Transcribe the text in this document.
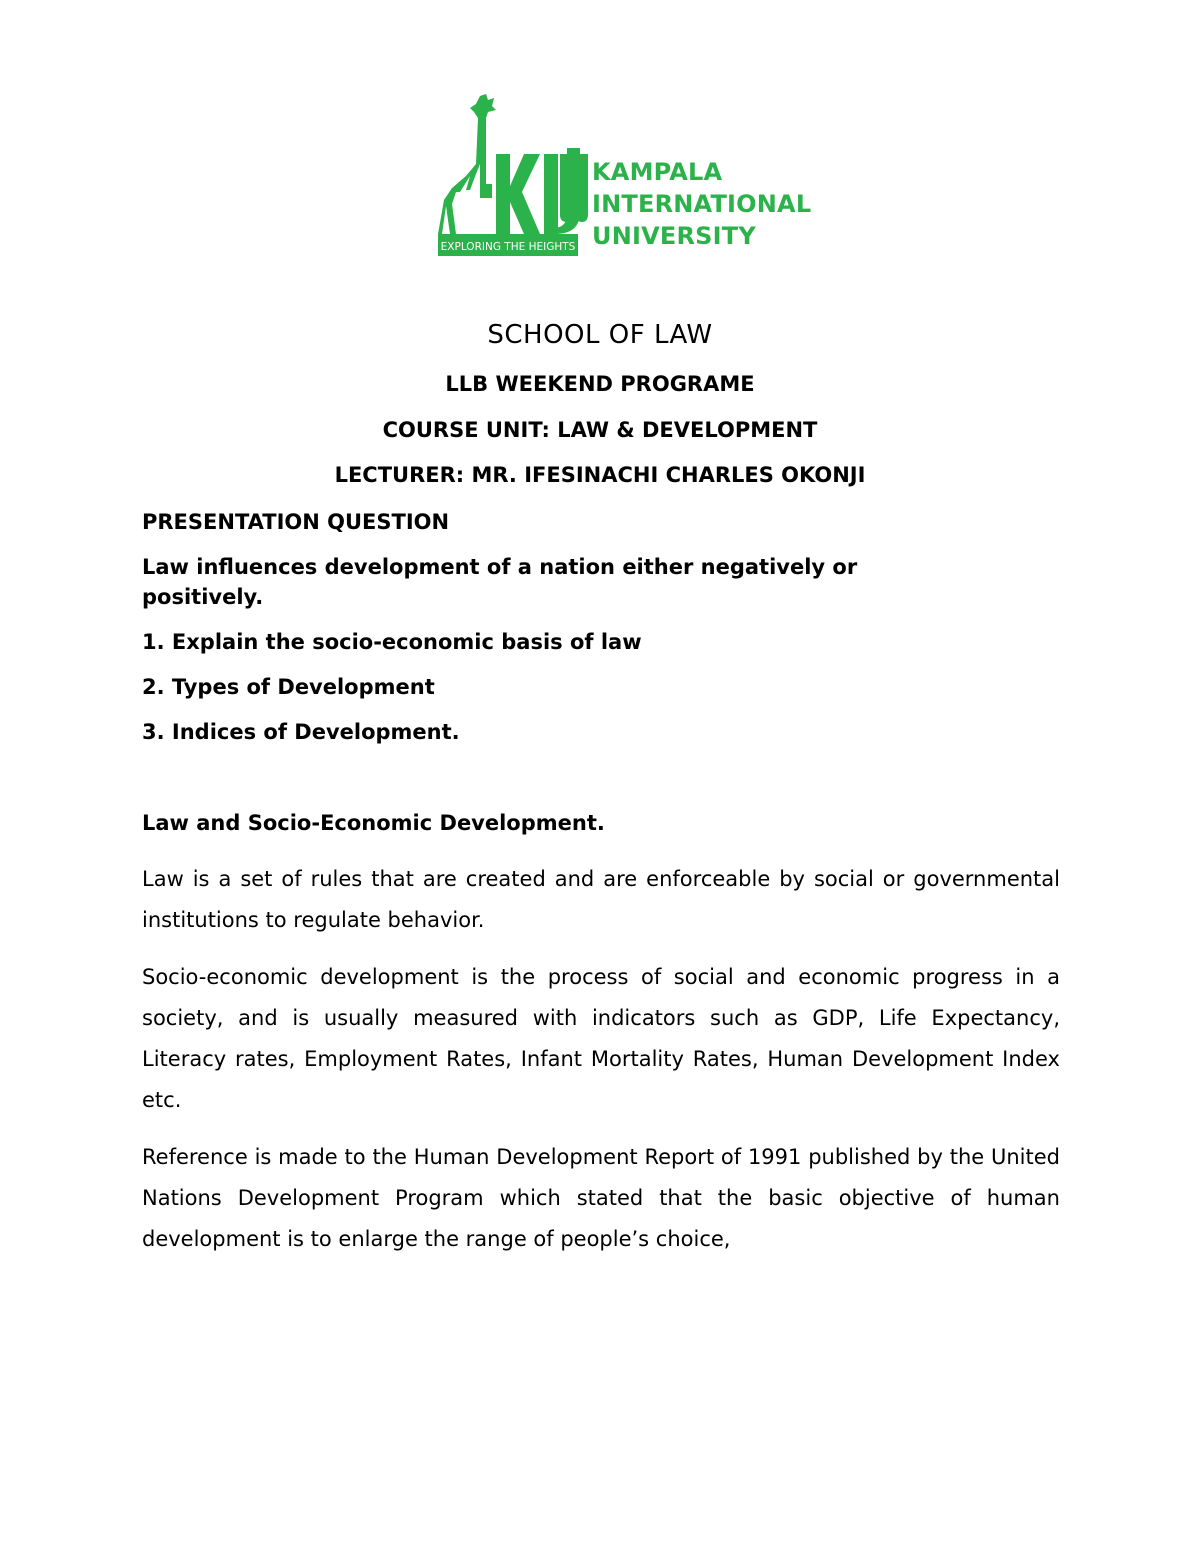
EXPLORING THE HEIGHTS
KAMPALA
INTERNATIONAL
UNIVERSITY
SCHOOL OF LAW
LLB WEEKEND PROGRAME
COURSE UNIT: LAW & DEVELOPMENT
LECTURER: MR. IFESINACHI CHARLES OKONJI
PRESENTATION QUESTION
Law influences development of a nation either negatively or positively.
1. Explain the socio-economic basis of law
2. Types of Development
3. Indices of Development.
Law and Socio-Economic Development.
Law is a set of rules that are created and are enforceable by social or governmental institutions to regulate behavior.
Socio-economic development is the process of social and economic progress in a society, and is usually measured with indicators such as GDP, Life Expectancy, Literacy rates, Employment Rates, Infant Mortality Rates, Human Development Index etc.
Reference is made to the Human Development Report of 1991 published by the United Nations Development Program which stated that the basic objective of human development is to enlarge the range of people’s choice,
